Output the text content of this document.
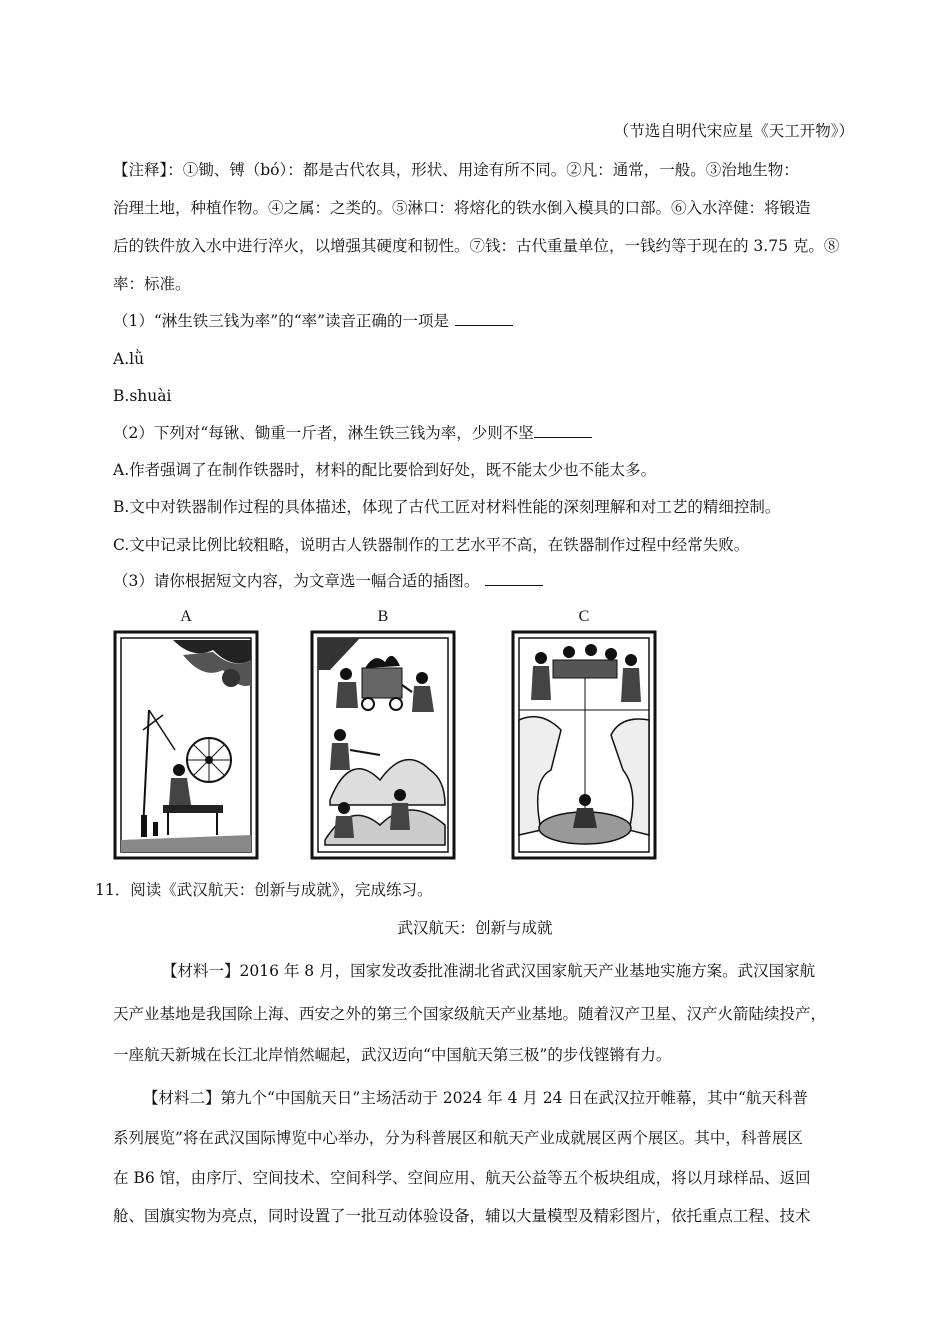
（节选自明代宋应星《天工开物》）
【注释】：①锄、镈（bó）：都是古代农具，形状、用途有所不同。②凡：通常，一般。③治地生物：
治理土地，种植作物。④之属：之类的。⑤淋口：将熔化的铁水倒入模具的口部。⑥入水淬健：将锻造
后的铁件放入水中进行淬火，以增强其硬度和韧性。⑦钱：古代重量单位，一钱约等于现在的 3.75 克。⑧
率：标准。
（1）“淋生铁三钱为率”的“率”读音正确的一项是
A.lǜ
B.shuài
（2）下列对“每锹、锄重一斤者，淋生铁三钱为率，少则不坚
A.作者强调了在制作铁器时，材料的配比要恰到好处，既不能太少也不能太多。
B.文中对铁器制作过程的具体描述，体现了古代工匠对材料性能的深刻理解和对工艺的精细控制。
C.文中记录比例比较粗略，说明古人铁器制作的工艺水平不高，在铁器制作过程中经常失败。
（3）请你根据短文内容，为文章选一幅合适的插图。
A	B	C
11．阅读《武汉航天：创新与成就》，完成练习。
武汉航天：创新与成就
【材料一】2016 年 8 月，国家发改委批准湖北省武汉国家航天产业基地实施方案。武汉国家航
天产业基地是我国除上海、西安之外的第三个国家级航天产业基地。随着汉产卫星、汉产火箭陆续投产，
一座航天新城在长江北岸悄然崛起，武汉迈向“中国航天第三极”的步伐铿锵有力。
【材料二】第九个“中国航天日”主场活动于 2024 年 4 月 24 日在武汉拉开帷幕，其中“航天科普
系列展览”将在武汉国际博览中心举办，分为科普展区和航天产业成就展区两个展区。其中，科普展区
在 B6 馆，由序厅、空间技术、空间科学、空间应用、航天公益等五个板块组成，将以月球样品、返回
舱、国旗实物为亮点，同时设置了一批互动体验设备，辅以大量模型及精彩图片，依托重点工程、技术
